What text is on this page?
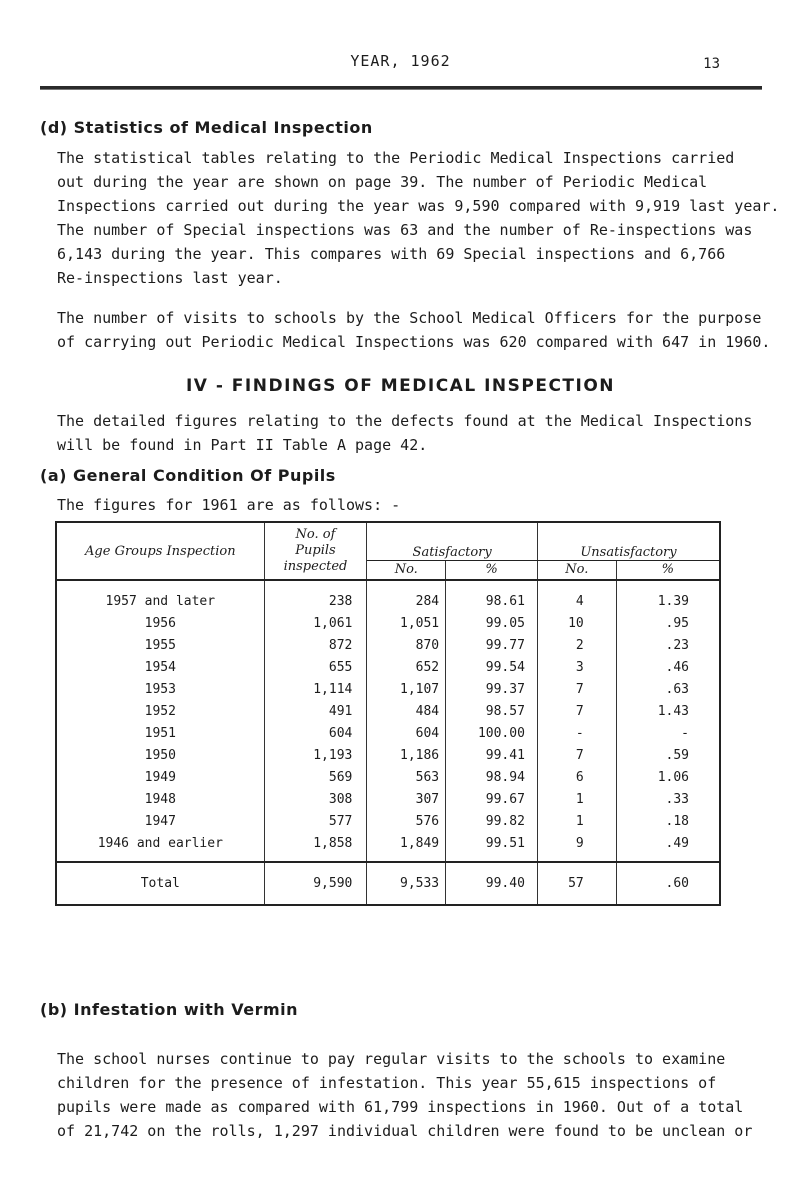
YEAR, 1962	13
(d) Statistics of Medical Inspection

The statistical tables relating to the Periodic Medical Inspections carried
out during the year are shown on page 39. The number of Periodic Medical
Inspections carried out during the year was 9,590 compared with 9,919 last year.
The number of Special inspections was 63 and the number of Re-inspections was
6,143 during the year. This compares with 69 Special inspections and 6,766
Re-inspections last year.

The number of visits to schools by the School Medical Officers for the purpose
of carrying out Periodic Medical Inspections was 620 compared with 647 in 1960.

IV - FINDINGS OF MEDICAL INSPECTION

The detailed figures relating to the defects found at the Medical Inspections
will be found in Part II Table A page 42.

(a) General Condition Of Pupils

The figures for 1961 are as follows: -

Age Groups Inspection	No. of
Pupils
inspected	Satisfactory		Unsatisfactory	
		No.	%	No.	%

1957 and later	238	284	98.61	4	1.39
1956	1,061	1,051	99.05	10	.95
1955	872	870	99.77	2	.23
1954	655	652	99.54	3	.46
1953	1,114	1,107	99.37	7	.63
1952	491	484	98.57	7	1.43
1951	604	604	100.00	-	-
1950	1,193	1,186	99.41	7	.59
1949	569	563	98.94	6	1.06
1948	308	307	99.67	1	.33
1947	577	576	99.82	1	.18
1946 and earlier	1,858	1,849	99.51	9	.49

Total	9,590	9,533	99.40	57	.60
(b) Infestation with Vermin

The school nurses continue to pay regular visits to the schools to examine
children for the presence of infestation. This year 55,615 inspections of
pupils were made as compared with 61,799 inspections in 1960. Out of a total
of 21,742 on the rolls, 1,297 individual children were found to be unclean or
